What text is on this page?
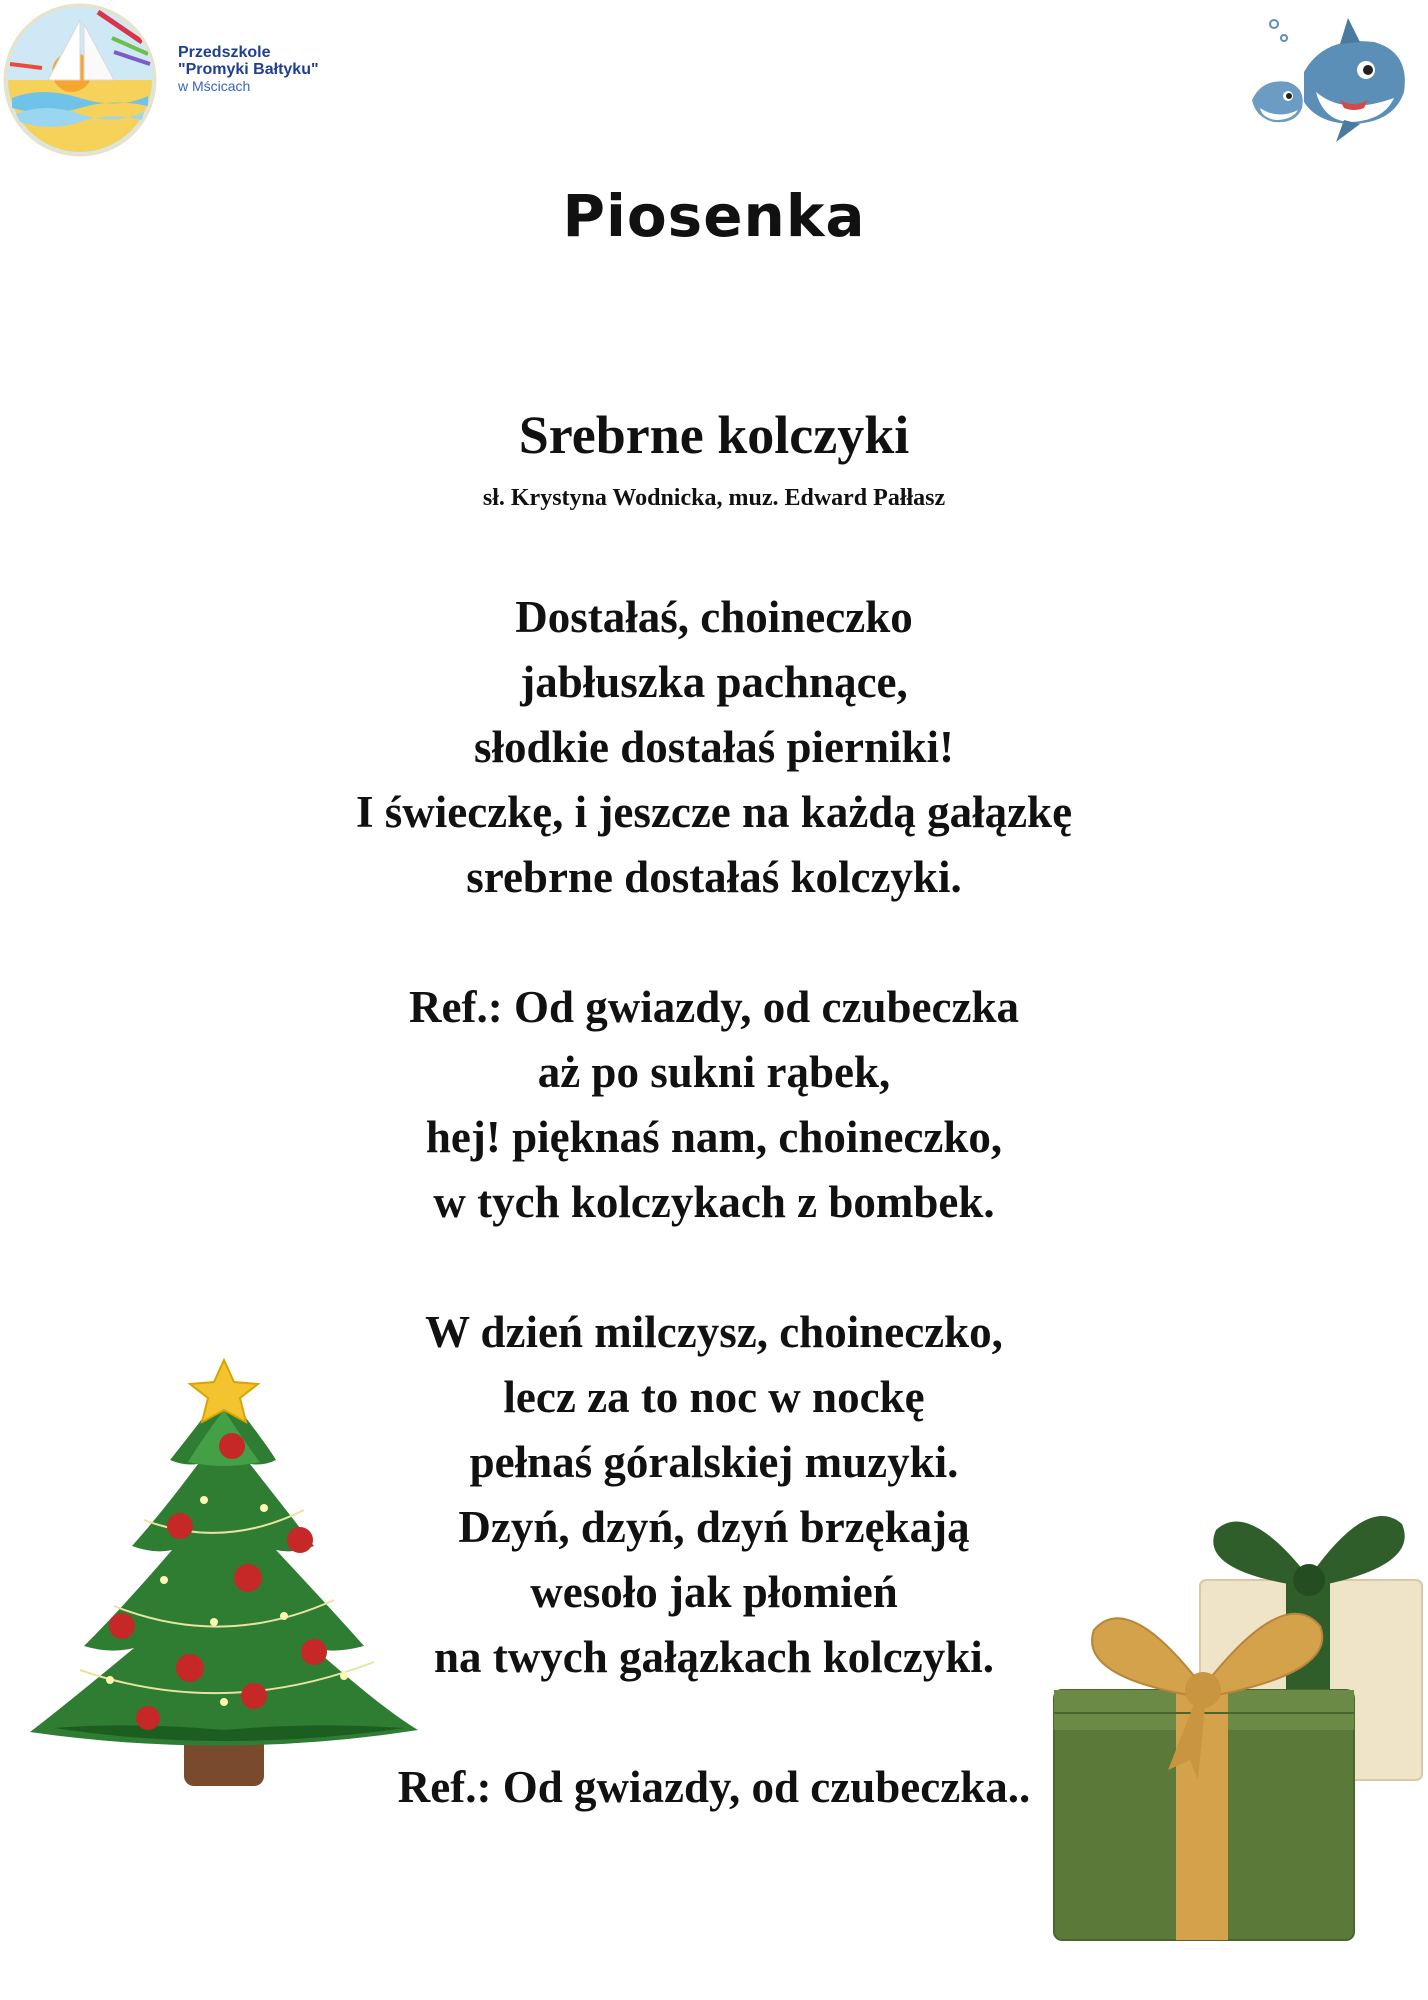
Przedszkole
"Promyki Bałtyku"
w Mścicach
Piosenka
Srebrne kolczyki
sł. Krystyna Wodnicka, muz. Edward Pałłasz
Dostałaś, choineczko
jabłuszka pachnące,
słodkie dostałaś pierniki!
I świeczkę, i jeszcze na każdą gałązkę
srebrne dostałaś kolczyki.
Ref.: Od gwiazdy, od czubeczka
aż po sukni rąbek,
hej! pięknaś nam, choineczko,
w tych kolczykach z bombek.
W dzień milczysz, choineczko,
lecz za to noc w nockę
pełnaś góralskiej muzyki.
Dzyń, dzyń, dzyń brzękają
wesoło jak płomień
na twych gałązkach kolczyki.
Ref.: Od gwiazdy, od czubeczka..
